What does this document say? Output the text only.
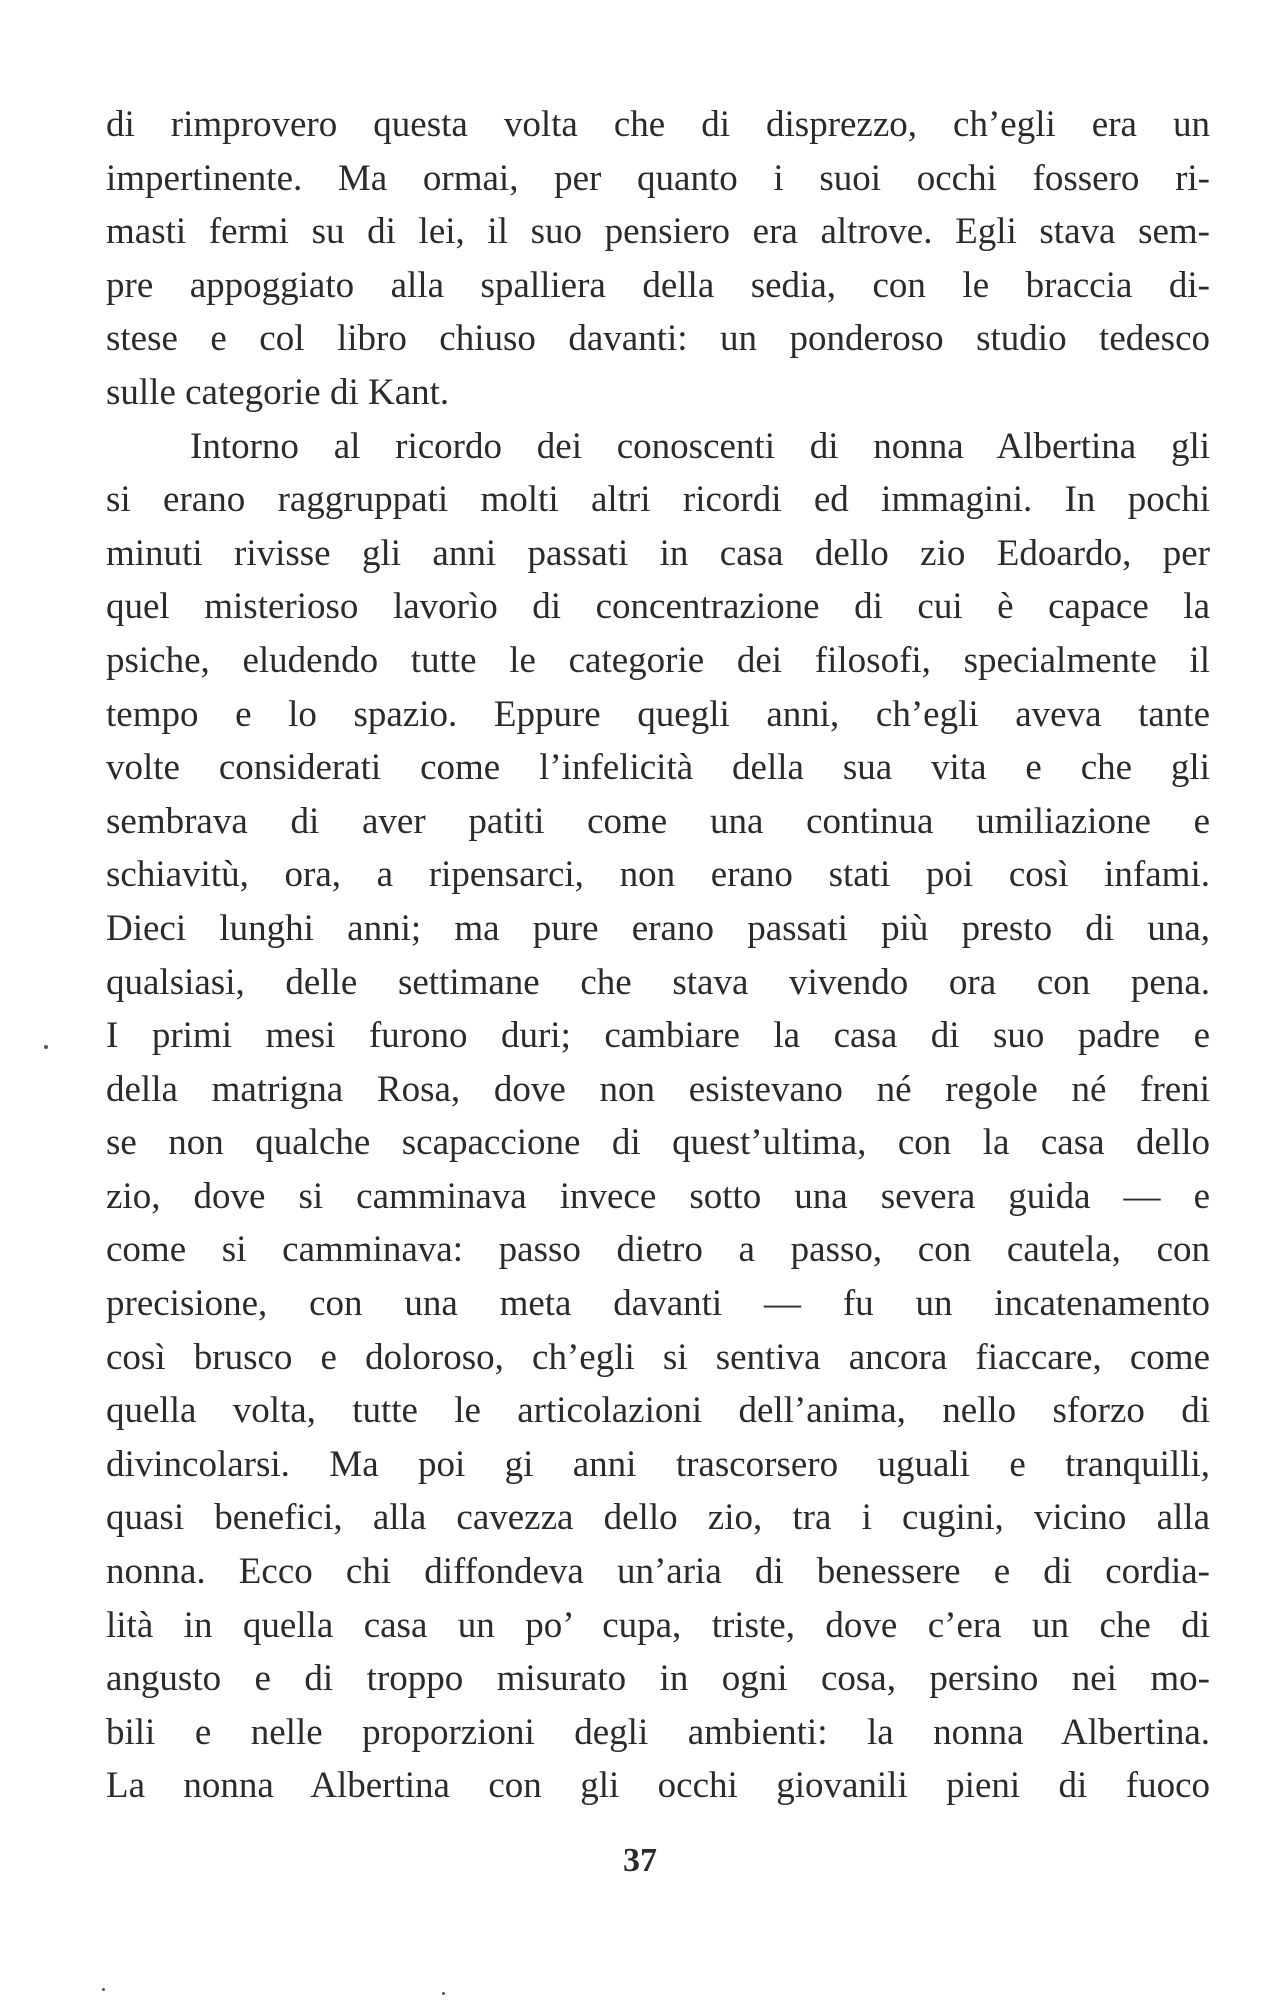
di rimprovero questa volta che di disprezzo, ch’egli era un
impertinente. Ma ormai, per quanto i suoi occhi fossero ri-
masti fermi su di lei, il suo pensiero era altrove. Egli stava sem-
pre appoggiato alla spalliera della sedia, con le braccia di-
stese e col libro chiuso davanti: un ponderoso studio tedesco
sulle categorie di Kant.
Intorno al ricordo dei conoscenti di nonna Albertina gli
si erano raggruppati molti altri ricordi ed immagini. In pochi
minuti rivisse gli anni passati in casa dello zio Edoardo, per
quel misterioso lavorìo di concentrazione di cui è capace la
psiche, eludendo tutte le categorie dei filosofi, specialmente il
tempo e lo spazio. Eppure quegli anni, ch’egli aveva tante
volte considerati come l’infelicità della sua vita e che gli
sembrava di aver patiti come una continua umiliazione e
schiavitù, ora, a ripensarci, non erano stati poi così infami.
Dieci lunghi anni; ma pure erano passati più presto di una,
qualsiasi, delle settimane che stava vivendo ora con pena.
I primi mesi furono duri; cambiare la casa di suo padre e
della matrigna Rosa, dove non esistevano né regole né freni
se non qualche scapaccione di quest’ultima, con la casa dello
zio, dove si camminava invece sotto una severa guida — e
come si camminava: passo dietro a passo, con cautela, con
precisione, con una meta davanti — fu un incatenamento
così brusco e doloroso, ch’egli si sentiva ancora fiaccare, come
quella volta, tutte le articolazioni dell’anima, nello sforzo di
divincolarsi. Ma poi gi anni trascorsero uguali e tranquilli,
quasi benefici, alla cavezza dello zio, tra i cugini, vicino alla
nonna. Ecco chi diffondeva un’aria di benessere e di cordia-
lità in quella casa un po’ cupa, triste, dove c’era un che di
angusto e di troppo misurato in ogni cosa, persino nei mo-
bili e nelle proporzioni degli ambienti: la nonna Albertina.
La nonna Albertina con gli occhi giovanili pieni di fuoco
37
